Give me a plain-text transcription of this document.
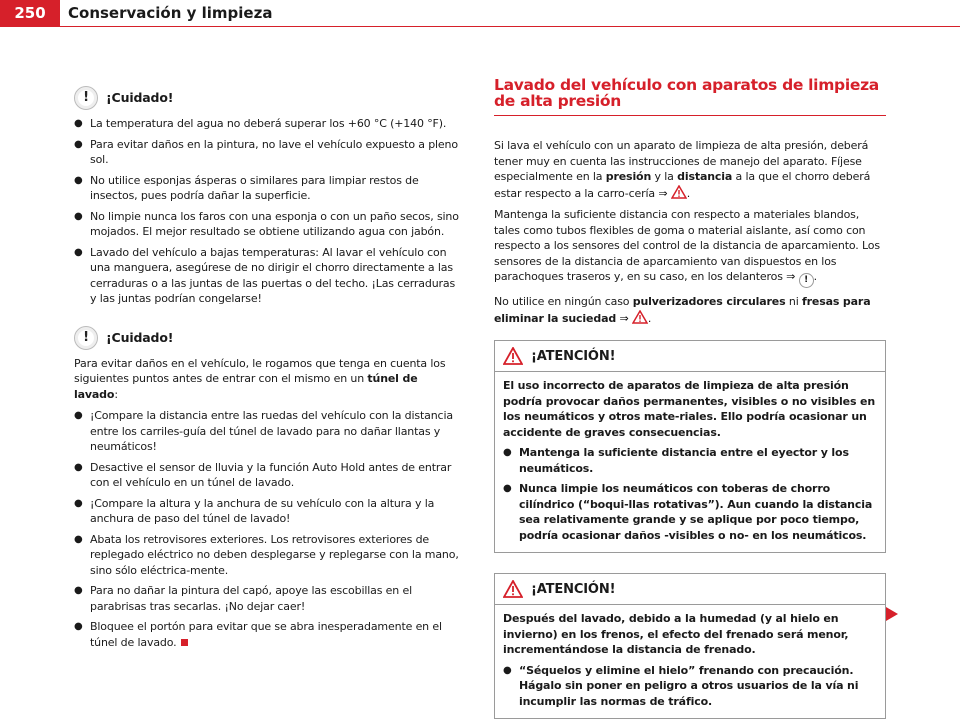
250	Conservación y limpieza
!	¡Cuidado!
● La temperatura del agua no deberá superar los +60 °C (+140 °F).
● Para evitar daños en la pintura, no lave el vehículo expuesto a pleno sol.
● No utilice esponjas ásperas o similares para limpiar restos de insectos, pues podría dañar la superficie.
● No limpie nunca los faros con una esponja o con un paño secos, sino mojados. El mejor resultado se obtiene utilizando agua con jabón.
● Lavado del vehículo a bajas temperaturas: Al lavar el vehículo con una manguera, asegúrese de no dirigir el chorro directamente a las cerraduras o a las juntas de las puertas o del techo. ¡Las cerraduras y las juntas podrían congelarse!
!	¡Cuidado!

Para evitar daños en el vehículo, le rogamos que tenga en cuenta los siguientes puntos antes de entrar con el mismo en un túnel de lavado:

● ¡Compare la distancia entre las ruedas del vehículo con la distancia entre los carriles-guía del túnel de lavado para no dañar llantas y neumáticos!
● Desactive el sensor de lluvia y la función Auto Hold antes de entrar con el vehículo en un túnel de lavado.
● ¡Compare la altura y la anchura de su vehículo con la altura y la anchura de paso del túnel de lavado!
● Abata los retrovisores exteriores. Los retrovisores exteriores de replegado eléctrico no deben desplegarse y replegarse con la mano, sino sólo eléctrica-mente.
● Para no dañar la pintura del capó, apoye las escobillas en el parabrisas tras secarlas. ¡No dejar caer!
● Bloquee el portón para evitar que se abra inesperadamente en el túnel de lavado.
Lavado del vehículo con aparatos de limpieza de alta presión

Si lava el vehículo con un aparato de limpieza de alta presión, deberá tener muy en cuenta las instrucciones de manejo del aparato. Fíjese especialmente en la presión y la distancia a la que el chorro deberá estar respecto a la carro-cería ⇒ .

Mantenga la suficiente distancia con respecto a materiales blandos, tales como tubos flexibles de goma o material aislante, así como con respecto a los sensores del control de la distancia de aparcamiento. Los sensores de la distancia de aparcamiento van dispuestos en los parachoques traseros y, en su caso, en los delanteros ⇒ ! .

No utilice en ningún caso pulverizadores circulares ni fresas para eliminar la suciedad ⇒ .

¡ATENCIÓN!

El uso incorrecto de aparatos de limpieza de alta presión podría provocar daños permanentes, visibles o no visibles en los neumáticos y otros mate-riales. Ello podría ocasionar un accidente de graves consecuencias.

● Mantenga la suficiente distancia entre el eyector y los neumáticos.
● Nunca limpie los neumáticos con toberas de chorro cilíndrico (“boqui-llas rotativas”). Aun cuando la distancia sea relativamente grande y se aplique por poco tiempo, podría ocasionar daños -visibles o no- en los neumáticos.
¡ATENCIÓN!

Después del lavado, debido a la humedad (y al hielo en invierno) en los frenos, el efecto del frenado será menor, incrementándose la distancia de frenado.

● “Séquelos y elimine el hielo” frenando con precaución. Hágalo sin poner en peligro a otros usuarios de la vía ni incumplir las normas de tráfico.
